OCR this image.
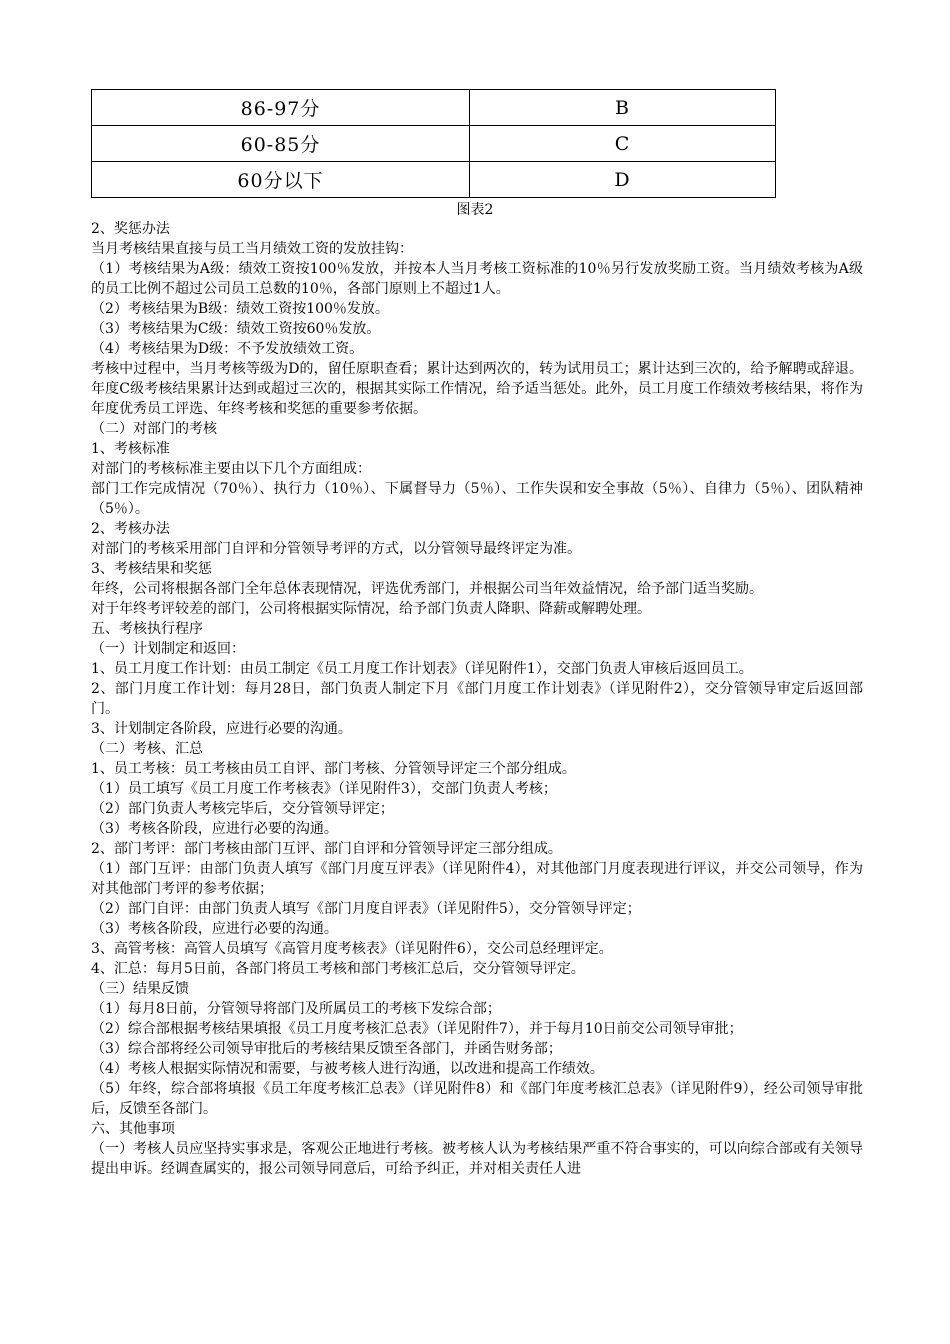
86-97分	B
60-85分	C
60分以下	D
图表2

2、奖惩办法

当月考核结果直接与员工当月绩效工资的发放挂钩：

（1）考核结果为A级：绩效工资按100％发放，并按本人当月考核工资标准的10％另行发放奖励工资。当月绩效考核为A级的员工比例不超过公司员工总数的10％，各部门原则上不超过1人。

（2）考核结果为B级：绩效工资按100％发放。

（3）考核结果为C级：绩效工资按60％发放。

（4）考核结果为D级：不予发放绩效工资。

考核中过程中，当月考核等级为D的，留任原职查看；累计达到两次的，转为试用员工；累计达到三次的，给予解聘或辞退。年度C级考核结果累计达到或超过三次的，根据其实际工作情况，给予适当惩处。此外，员工月度工作绩效考核结果，将作为年度优秀员工评选、年终考核和奖惩的重要参考依据。

（二）对部门的考核

1、考核标准

对部门的考核标准主要由以下几个方面组成：

部门工作完成情况（70％）、执行力（10％）、下属督导力（5％）、工作失误和安全事故（5％）、自律力（5％）、团队精神（5％）。

2、考核办法

对部门的考核采用部门自评和分管领导考评的方式，以分管领导最终评定为准。

3、考核结果和奖惩

年终，公司将根据各部门全年总体表现情况，评选优秀部门，并根据公司当年效益情况，给予部门适当奖励。

对于年终考评较差的部门，公司将根据实际情况，给予部门负责人降职、降薪或解聘处理。

五、考核执行程序

（一）计划制定和返回：

1、员工月度工作计划：由员工制定《员工月度工作计划表》（详见附件1），交部门负责人审核后返回员工。

2、部门月度工作计划：每月28日，部门负责人制定下月《部门月度工作计划表》（详见附件2），交分管领导审定后返回部门。

3、计划制定各阶段，应进行必要的沟通。

（二）考核、汇总

1、员工考核：员工考核由员工自评、部门考核、分管领导评定三个部分组成。

（1）员工填写《员工月度工作考核表》（详见附件3），交部门负责人考核；

（2）部门负责人考核完毕后，交分管领导评定；

（3）考核各阶段，应进行必要的沟通。

2、部门考评：部门考核由部门互评、部门自评和分管领导评定三部分组成。

（1）部门互评：由部门负责人填写《部门月度互评表》（详见附件4），对其他部门月度表现进行评议，并交公司领导，作为对其他部门考评的参考依据；

（2）部门自评：由部门负责人填写《部门月度自评表》（详见附件5），交分管领导评定；

（3）考核各阶段，应进行必要的沟通。

3、高管考核：高管人员填写《高管月度考核表》（详见附件6），交公司总经理评定。

4、汇总：每月5日前，各部门将员工考核和部门考核汇总后，交分管领导评定。

（三）结果反馈

（1）每月8日前，分管领导将部门及所属员工的考核下发综合部；

（2）综合部根据考核结果填报《员工月度考核汇总表》（详见附件7），并于每月10日前交公司领导审批；

（3）综合部将经公司领导审批后的考核结果反馈至各部门，并函告财务部；

（4）考核人根据实际情况和需要，与被考核人进行沟通，以改进和提高工作绩效。

（5）年终，综合部将填报《员工年度考核汇总表》（详见附件8）和《部门年度考核汇总表》（详见附件9），经公司领导审批后，反馈至各部门。

六、其他事项

（一）考核人员应坚持实事求是，客观公正地进行考核。被考核人认为考核结果严重不符合事实的，可以向综合部或有关领导提出申诉。经调查属实的，报公司领导同意后，可给予纠正，并对相关责任人进
